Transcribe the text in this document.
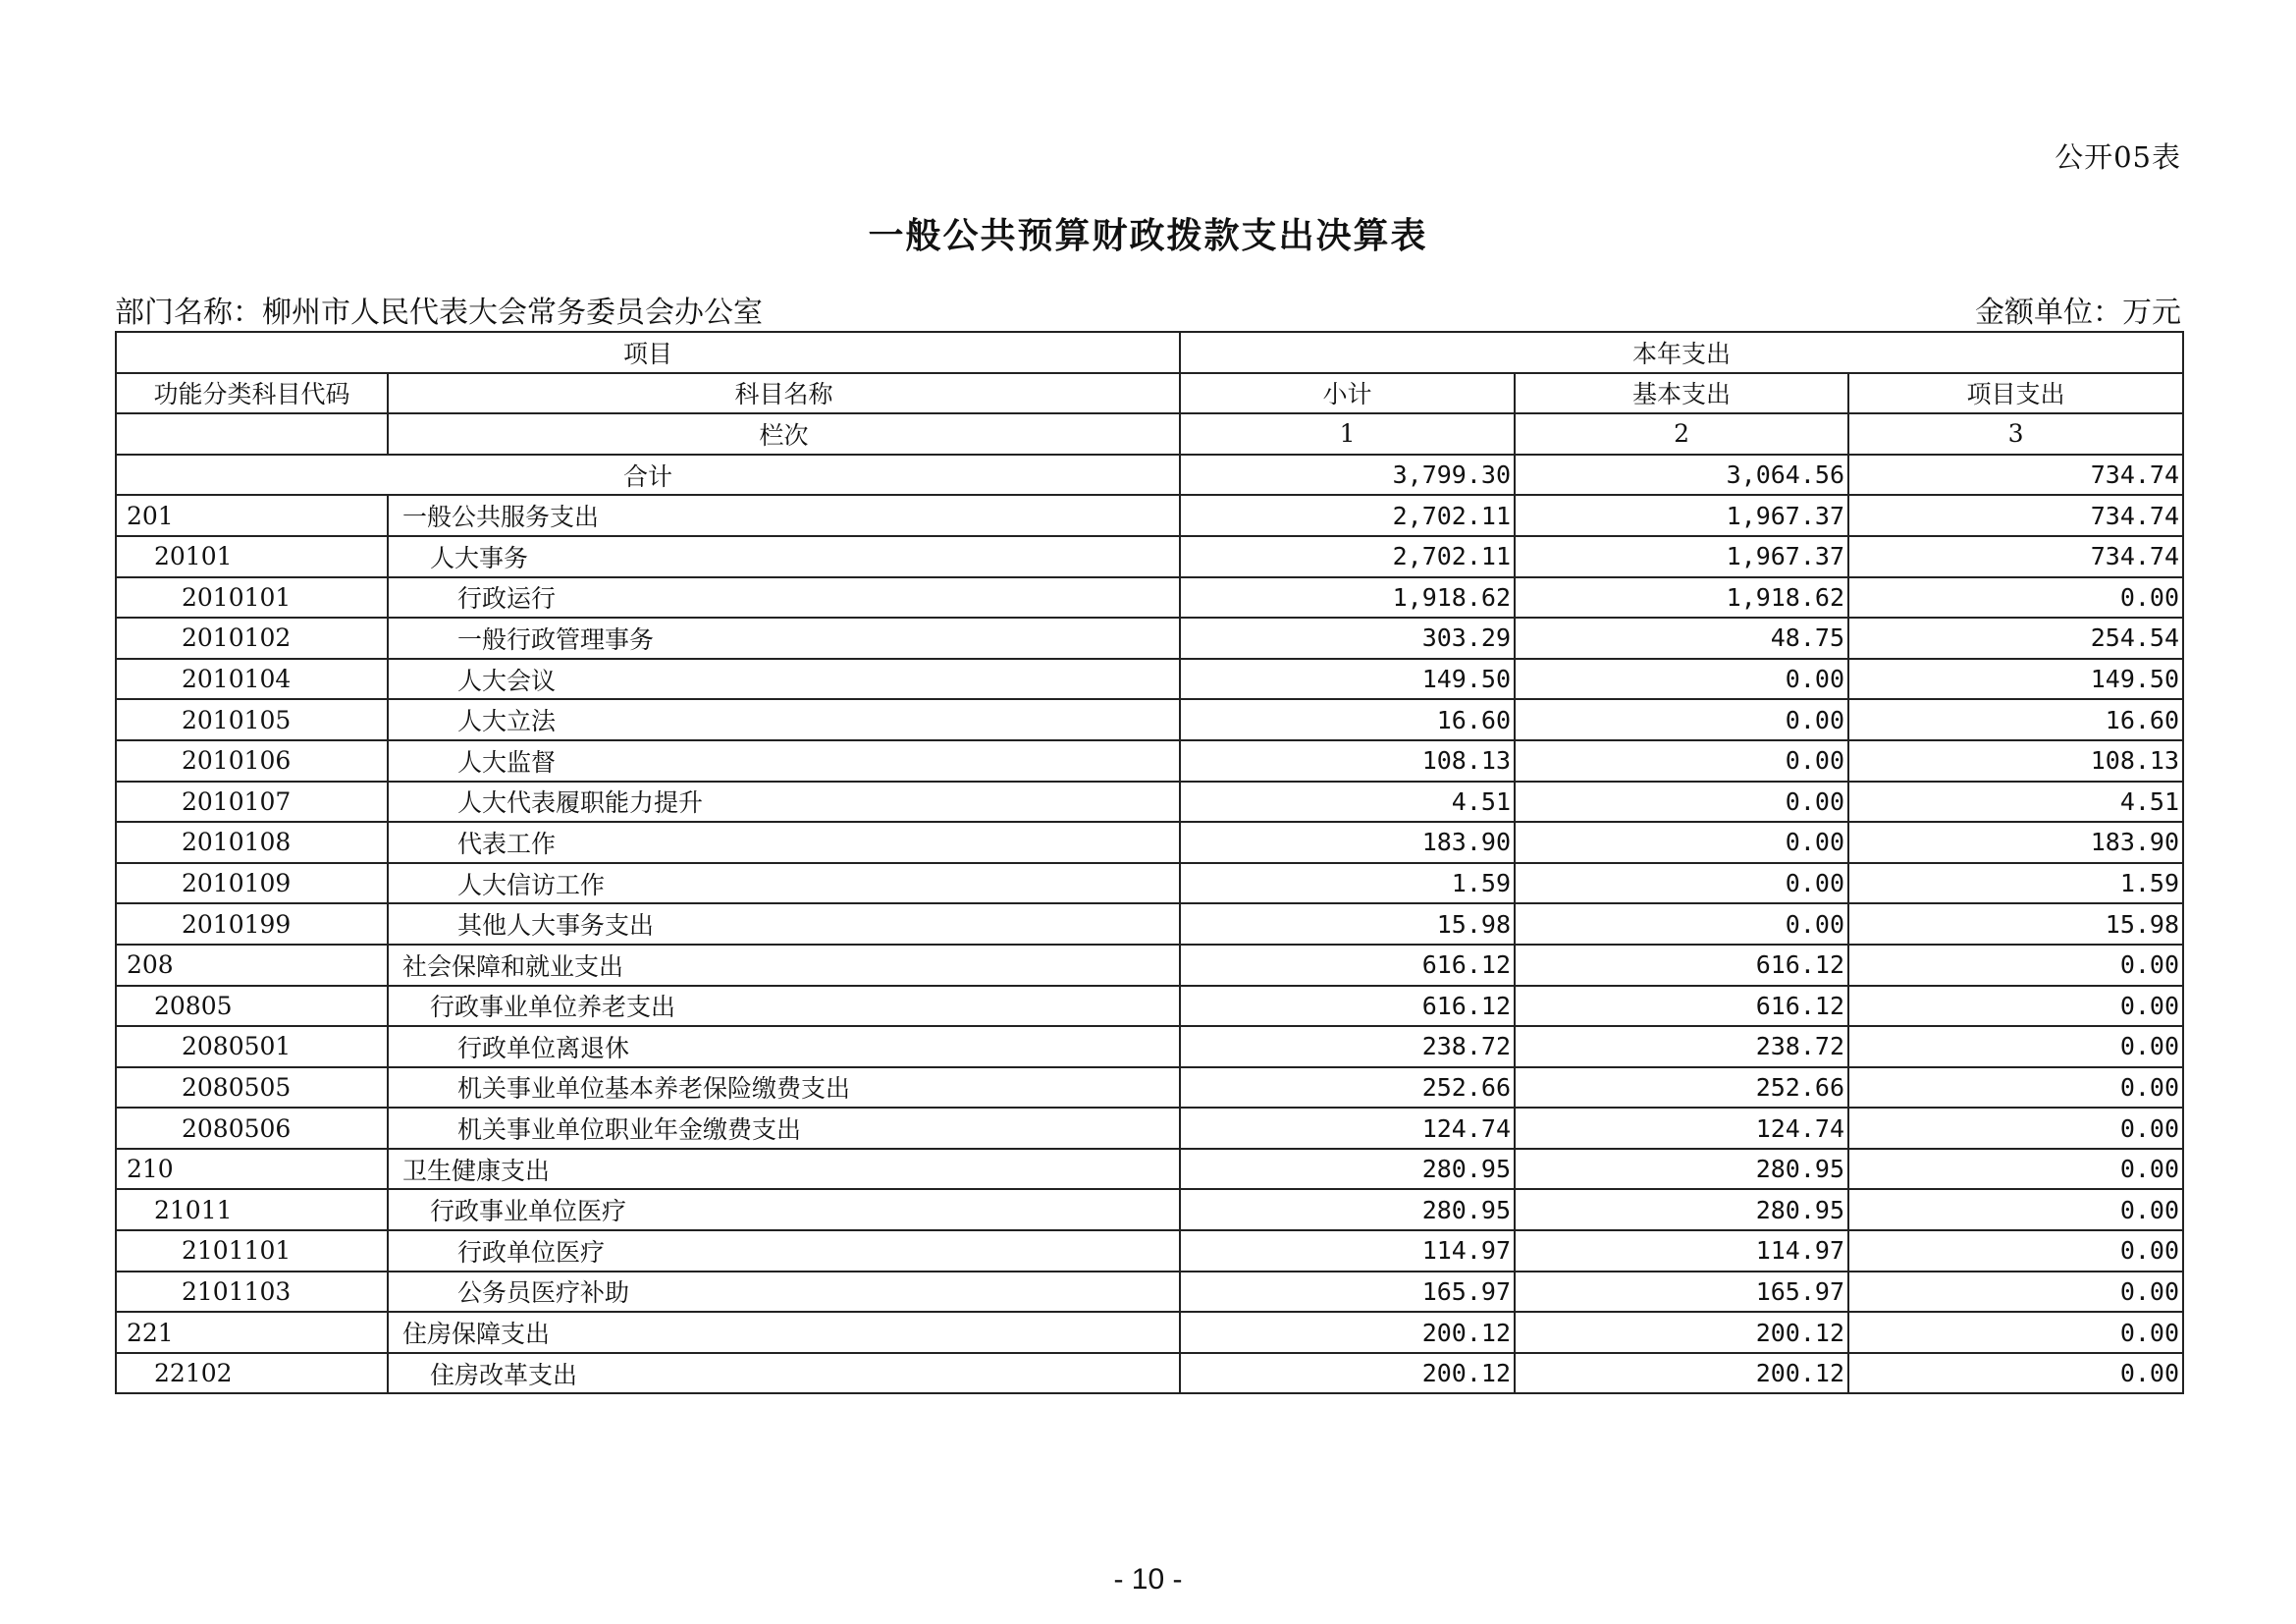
公开05表
一般公共预算财政拨款支出决算表
部门名称：柳州市人民代表大会常务委员会办公室	金额单位：万元
项目		本年支出		
功能分类科目代码	科目名称	小计	基本支出	项目支出
	栏次	1	2	3
合计		3,799.30	3,064.56	734.74
201	一般公共服务支出	2,702.11	1,967.37	734.74
20101	人大事务	2,702.11	1,967.37	734.74
2010101	行政运行	1,918.62	1,918.62	0.00
2010102	一般行政管理事务	303.29	48.75	254.54
2010104	人大会议	149.50	0.00	149.50
2010105	人大立法	16.60	0.00	16.60
2010106	人大监督	108.13	0.00	108.13
2010107	人大代表履职能力提升	4.51	0.00	4.51
2010108	代表工作	183.90	0.00	183.90
2010109	人大信访工作	1.59	0.00	1.59
2010199	其他人大事务支出	15.98	0.00	15.98
208	社会保障和就业支出	616.12	616.12	0.00
20805	行政事业单位养老支出	616.12	616.12	0.00
2080501	行政单位离退休	238.72	238.72	0.00
2080505	机关事业单位基本养老保险缴费支出	252.66	252.66	0.00
2080506	机关事业单位职业年金缴费支出	124.74	124.74	0.00
210	卫生健康支出	280.95	280.95	0.00
21011	行政事业单位医疗	280.95	280.95	0.00
2101101	行政单位医疗	114.97	114.97	0.00
2101103	公务员医疗补助	165.97	165.97	0.00
221	住房保障支出	200.12	200.12	0.00
22102	住房改革支出	200.12	200.12	0.00
- 10 -
